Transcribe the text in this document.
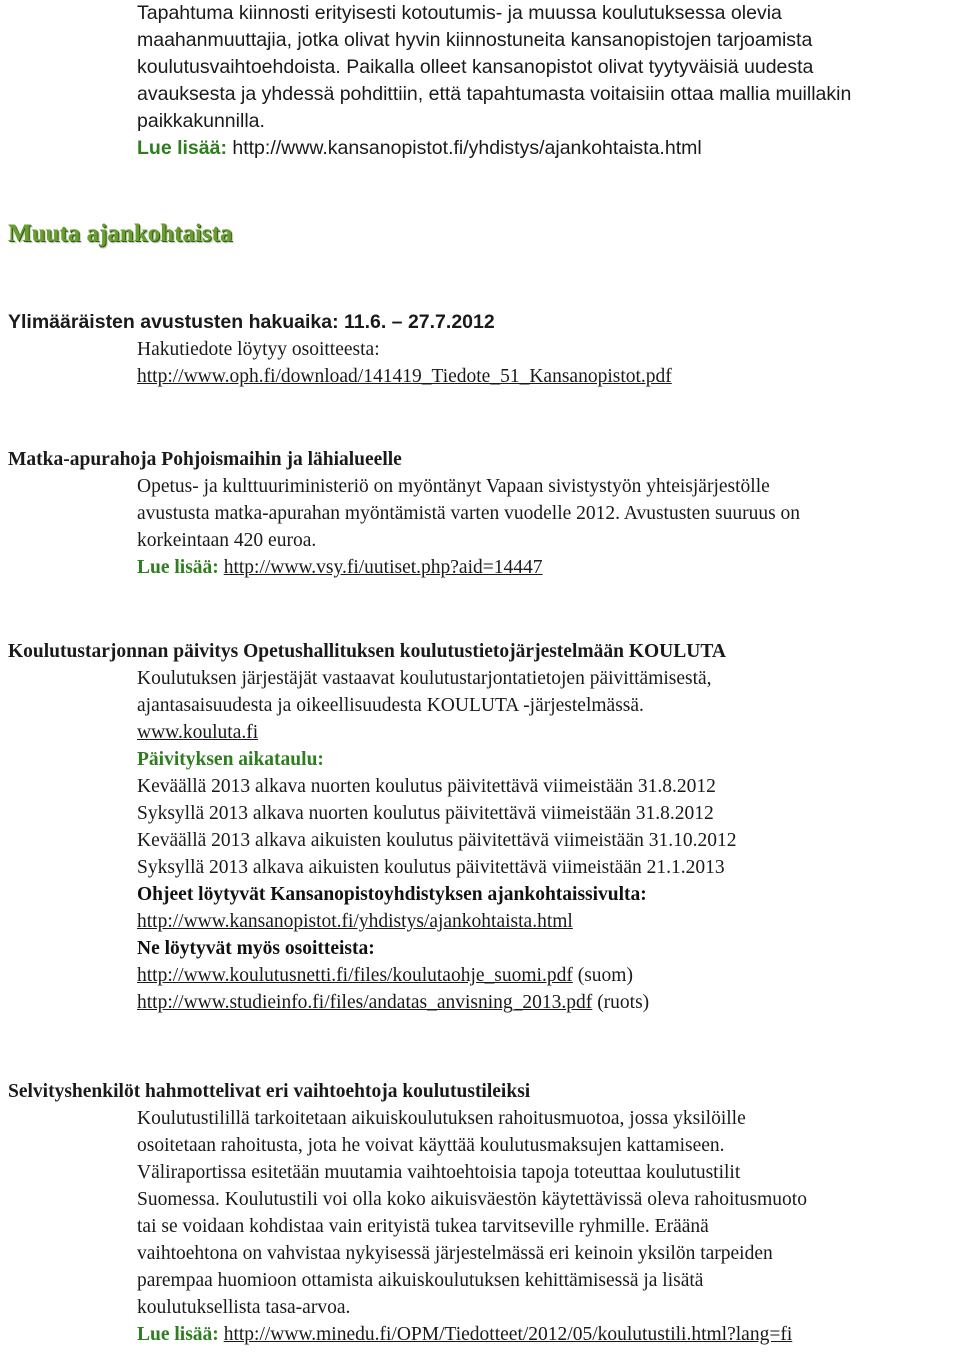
Tapahtuma kiinnosti erityisesti kotoutumis- ja muussa koulutuksessa olevia

maahanmuuttajia, jotka olivat hyvin kiinnostuneita kansanopistojen tarjoamista

koulutusvaihtoehdoista. Paikalla olleet kansanopistot olivat tyytyväisiä uudesta

avauksesta ja yhdessä pohdittiin, että tapahtumasta voitaisiin ottaa mallia muillakin

paikkakunnilla.

Lue lisää: http://www.kansanopistot.fi/yhdistys/ajankohtaista.html

Muuta ajankohtaista
Ylimääräisten avustusten hakuaika: 11.6. – 27.7.2012
Hakutiedote löytyy osoitteesta:
http://www.oph.fi/download/141419_Tiedote_51_Kansanopistot.pdf
Matka-apurahoja Pohjoismaihin ja lähialueelle
Opetus- ja kulttuuriministeriö on myöntänyt Vapaan sivistystyön yhteisjärjestölle
avustusta matka-apurahan myöntämistä varten vuodelle 2012. Avustusten suuruus on
korkeintaan 420 euroa.
Lue lisää: http://www.vsy.fi/uutiset.php?aid=14447
Koulutustarjonnan päivitys Opetushallituksen koulutustietojärjestelmään KOULUTA
Koulutuksen järjestäjät vastaavat koulutustarjontatietojen päivittämisestä,
ajantasaisuudesta ja oikeellisuudesta KOULUTA -järjestelmässä.
www.kouluta.fi
Päivityksen aikataulu:
Keväällä 2013 alkava nuorten koulutus päivitettävä viimeistään 31.8.2012
Syksyllä 2013 alkava nuorten koulutus päivitettävä viimeistään 31.8.2012
Keväällä 2013 alkava aikuisten koulutus päivitettävä viimeistään 31.10.2012
Syksyllä 2013 alkava aikuisten koulutus päivitettävä viimeistään 21.1.2013
Ohjeet löytyvät Kansanopistoyhdistyksen ajankohtaissivulta:
http://www.kansanopistot.fi/yhdistys/ajankohtaista.html
Ne löytyvät myös osoitteista:
http://www.koulutusnetti.fi/files/koulutaohje_suomi.pdf (suom)
http://www.studieinfo.fi/files/andatas_anvisning_2013.pdf (ruots)
Selvityshenkilöt hahmottelivat eri vaihtoehtoja koulutustileiksi
Koulutustilillä tarkoitetaan aikuiskoulutuksen rahoitusmuotoa, jossa yksilöille
osoitetaan rahoitusta, jota he voivat käyttää koulutusmaksujen kattamiseen.
Väliraportissa esitetään muutamia vaihtoehtoisia tapoja toteuttaa koulutustilit
Suomessa. Koulutustili voi olla koko aikuisväestön käytettävissä oleva rahoitusmuoto
tai se voidaan kohdistaa vain erityistä tukea tarvitseville ryhmille. Eräänä
vaihtoehtona on vahvistaa nykyisessä järjestelmässä eri keinoin yksilön tarpeiden
parempaa huomioon ottamista aikuiskoulutuksen kehittämisessä ja lisätä
koulutuksellista tasa-arvoa.
Lue lisää: http://www.minedu.fi/OPM/Tiedotteet/2012/05/koulutustili.html?lang=fi
